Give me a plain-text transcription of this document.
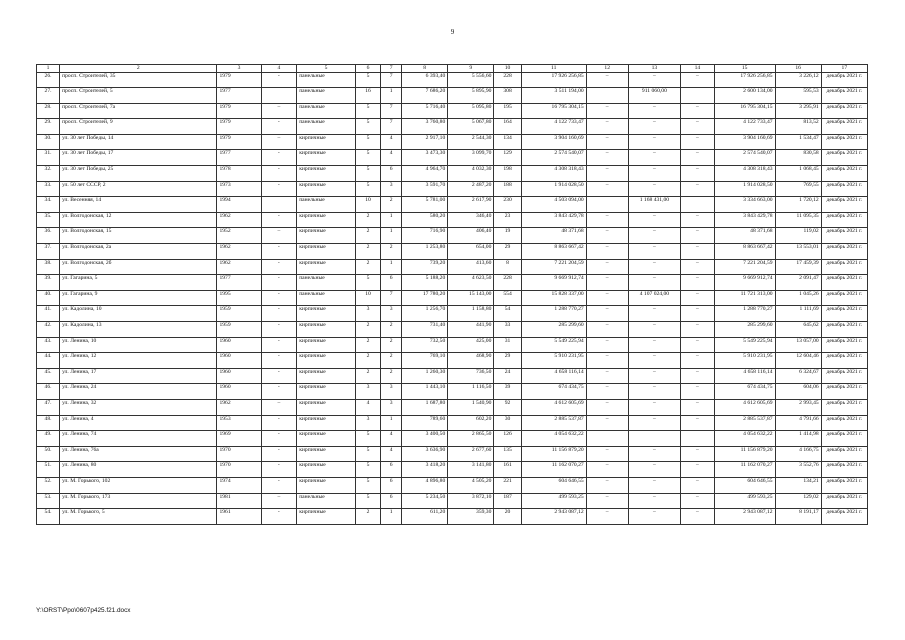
9
1	2	3	4	5	6	7	8	9	10	11	12	13	14	15	16	17
26.	просп. Строителей, 35	1979	-	панельные	5	7	6 393,40	5 556,60	228	17 926 256,85	–	–	–	17 926 256,85	3 226,12	декабрь 2021 г.
27.	просп. Строителей, 5	1977		панельные	16	1	7 686,20	5 895,90	308	3 511 194,00		911 060,00		2 600 134,00	595,53	декабрь 2021 г.
28.	просп. Строителей, 7а	1979	–	панельные	5	7	5 716,40	5 095,80	195	16 795 304,15	–	–	–	16 795 304,15	3 295,91	декабрь 2021 г.
29.	просп. Строителей, 9	1979	-	панельные	5	7	3 760,80	5 067,80	164	4 122 733,47	–	–	–	4 122 733,47	813,52	декабрь 2021 г.
30.	ул. 30 лет Победы, 14	1979	–	кирпичные	5	4	2 917,10	2 544,30	134	3 904 160,69	–	–	–	3 904 160,69	1 534,47	декабрь 2021 г.
31.	ул. 30 лет Победы, 17	1977	-	кирпичные	5	4	3 473,30	3 099,70	129	2 574 540,07	–	–	–	2 574 540,07	830,58	декабрь 2021 г.
32.	ул. 30 лет Победы, 25	1978	-	кирпичные	5	6	4 964,70	4 032,30	198	4 308 318,43	–	–	–	4 308 318,43	1 068,45	декабрь 2021 г.
33.	ул. 50 лет СССР, 2	1973	-	кирпичные	5	3	3 591,70	2 487,20	188	1 914 028,50	–	–	–	1 914 028,50	769,55	декабрь 2021 г.
34.	ул. Весенняя, 14	1994		панельные	10	2	5 781,00	2 617,90	230	4 503 094,00		1 168 431,00		3 334 663,00	1 720,12	декабрь 2021 г.
35.	ул. Волгодонская, 12	1962	-	кирпичные	2	1	580,20	346,40	23	3 843 429,78	–	–	–	3 843 429,78	11 095,35	декабрь 2021 г.
36.	ул. Волгодонская, 15	1952	–	кирпичные	2	1	716,90	406,40	19	48 371,68	–	–	–	48 371,68	119,02	декабрь 2021 г.
37.	ул. Волгодонская, 2а	1962	-	кирпичные	2	2	1 253,80	654,00	29	8 863 667,42	–	–	–	8 863 667,42	13 553,01	декабрь 2021 г.
38.	ул. Волгодонская, 2б	1962	-	кирпичные	2	1	739,20	413,60	8	7 221 204,59	–	–	–	7 221 204,59	17 459,39	декабрь 2021 г.
39.	ул. Гагарина, 5	1977	-	панельные	5	6	5 188,20	4 623,50	228	9 669 912,74	–	–	–	9 669 912,74	2 091,47	декабрь 2021 г.
40.	ул. Гагарина, 9	1995	-	панельные	10	7	17 780,20	15 143,00	554	15 828 337,00	–	4 107 024,00	–	11 721 313,00	1 045,26	декабрь 2021 г.
41.	ул. Кадолина, 10	1959	-	кирпичные	3	3	1 256,70	1 158,80	54	1 288 770,27	–	–	–	1 288 770,27	1 111,69	декабрь 2021 г.
42.	ул. Кадолина, 13	1959	-	кирпичные	2	2	731,40	441,90	33	285 299,60	–	–	–	285 299,60	645,62	декабрь 2021 г.
43.	ул. Ленина, 10	1960	-	кирпичные	2	2	732,50	425,00	31	5 549 225,94	–	–	–	5 549 225,94	13 057,00	декабрь 2021 г.
44.	ул. Ленина, 12	1960	-	кирпичные	2	2	769,10	468,90	29	5 910 231,95	–	–	–	5 910 231,95	12 604,46	декабрь 2021 г.
45.	ул. Ленина, 17	1960	-	кирпичные	2	2	1 260,30	736,50	24	4 658 116,14	–	–	–	4 658 116,14	6 324,67	декабрь 2021 г.
46.	ул. Ленина, 24	1960	-	кирпичные	3	3	1 443,10	1 116,50	39	674 434,75	–	–	–	674 434,75	604,06	декабрь 2021 г.
47.	ул. Ленина, 32	1962	–	кирпичные	4	3	1 687,80	1 540,90	92	4 612 605,69	–	–	–	4 612 605,69	2 993,45	декабрь 2021 г.
48.	ул. Ленина, 4	1953	-	кирпичные	3	1	789,60	602,20	30	2 885 537,87	–	–	–	2 885 537,87	4 791,66	декабрь 2021 г.
49.	ул. Ленина, 74	1969	-	кирпичные	5	4	3 400,50	2 865,50	126	4 054 632,22				4 054 632,22	1 414,98	декабрь 2021 г.
50.	ул. Ленина, 76а	1970	-	кирпичные	5	4	3 636,90	2 677,60	135	11 156 879,20	–	–	–	11 156 879,20	4 166,75	декабрь 2021 г.
51.	ул. Ленина, 80	1970	-	кирпичные	5	6	3 418,20	3 141,80	161	11 162 070,27	–	–	–	11 162 070,27	3 552,76	декабрь 2021 г.
52.	ул. М. Горького, 102	1974	-	кирпичные	5	6	4 896,80	4 505,20	221	604 646,55	–	–	–	604 646,55	134,21	декабрь 2021 г.
53.	ул. М. Горького, 173	1981	–	панельные	5	6	5 234,50	3 872,10	187	499 593,25	–	–	–	499 593,25	129,02	декабрь 2021 г.
54.	ул. М. Горького, 5	1961	-	кирпичные	2	1	611,20	359,30	20	2 943 087,12	–	–	–	2 943 087,12	8 191,17	декабрь 2021 г.
Y:\ORST\Ppo\0607p425.f21.docx
